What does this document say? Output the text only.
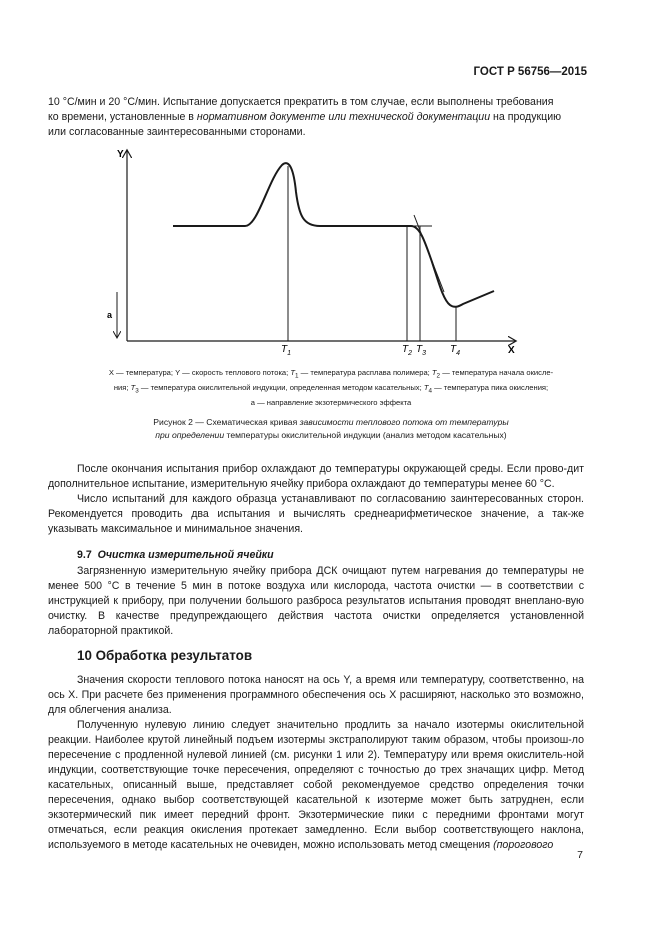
ГОСТ Р 56756—2015
10 °С/мин и 20 °С/мин. Испытание допускается прекратить в том случае, если выполнены требования
ко времени, установленные в нормативном документе или технической документации на продукцию
или согласованные заинтересованными сторонами.
Y
X
a
$T_1$	$T_2$ $T_3$ $T_4$
X — температура; Y — скорость теплового потока; $T_1$ — температура расплава полимера; $T_2$ — температура начала окисле-
ния; $T_3$ — температура окислительной индукции, определенная методом касательных; $T_4$ — температура пика окисления;
a — направление экзотермического эффекта
Рисунок 2 — Схематическая кривая зависимости теплового потока от температуры
при определении температуры окислительной индукции (анализ методом касательных)
После окончания испытания прибор охлаждают до температуры окружающей среды. Если прово-дит дополнительное испытание, измерительную ячейку прибора охлаждают до температуры менее 60 °С.
Число испытаний для каждого образца устанавливают по согласованию заинтересованных сторон. Рекомендуется проводить два испытания и вычислять среднеарифметическое значение, а так-же указывать максимальное и минимальное значения.
9.7 Очистка измерительной ячейки
Загрязненную измерительную ячейку прибора ДСК очищают путем нагревания до температуры не менее 500 °С в течение 5 мин в потоке воздуха или кислорода, частота очистки — в соответствии с инструкцией к прибору, при получении большого разброса результатов испытания проводят внеплано-вую очистку. В качестве предупреждающего действия частота очистки определяется установленной лабораторной практикой.
10 Обработка результатов
Значения скорости теплового потока наносят на ось Y, а время или температуру, соответственно, на ось X. При расчете без применения программного обеспечения ось X расширяют, насколько это возможно, для облегчения анализа.
Полученную нулевую линию следует значительно продлить за начало изотермы окислительной реакции. Наиболее крутой линейный подъем изотермы экстраполируют таким образом, чтобы произош-ло пересечение с продленной нулевой линией (см. рисунки 1 или 2). Температуру или время окислитель-ной индукции, соответствующие точке пересечения, определяют с точностью до трех значащих цифр. Метод касательных, описанный выше, представляет собой рекомендуемое средство определения точки пересечения, однако выбор соответствующей касательной к изотерме может быть затруднен, если экзотермический пик имеет передний фронт. Экзотермические пики с передними фронтами могут отмечаться, если реакция окисления протекает замедленно. Если выбор соответствующего наклона, используемого в методе касательных не очевиден, можно использовать метод смещения (порогового
7
